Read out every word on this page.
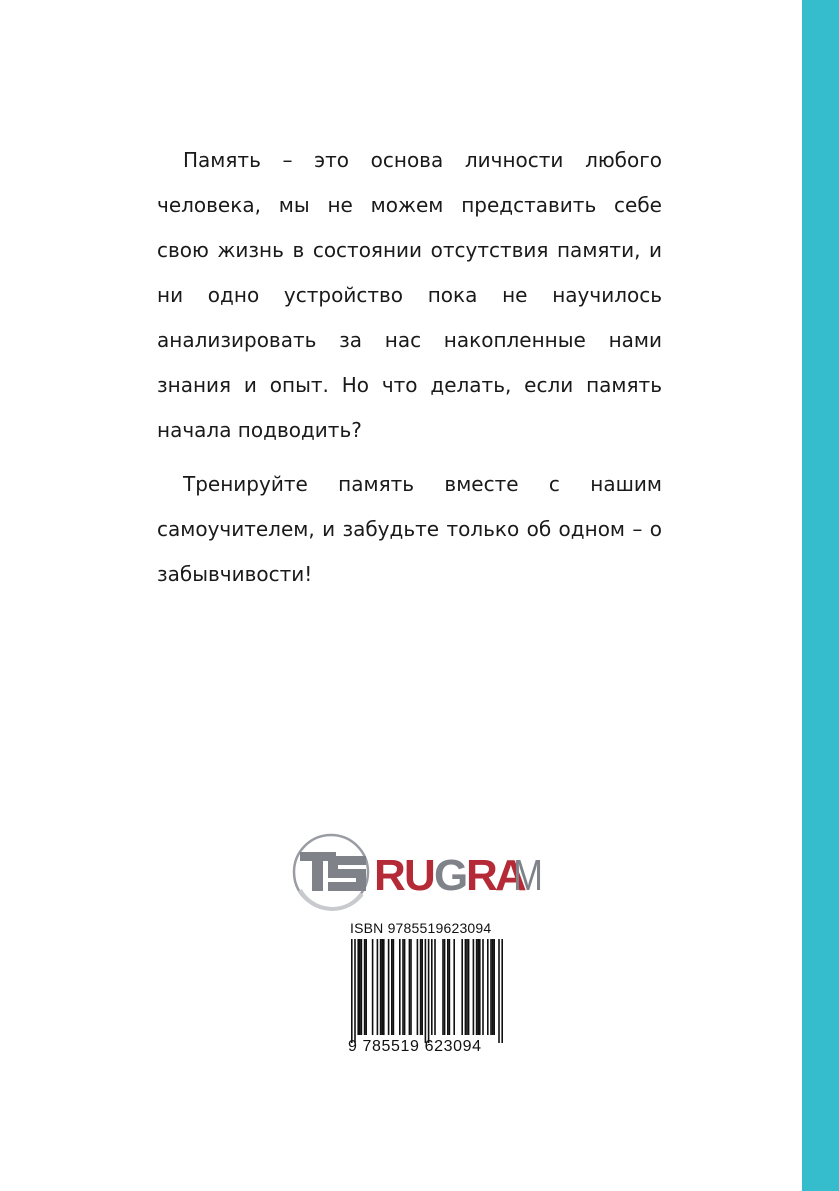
Память – это основа личности любого человека, мы не можем представить себе свою жизнь в состоянии отсутствия памяти, и ни одно устройство пока не научилось анализировать за нас накопленные нами знания и опыт. Но что делать, если память начала подводить?

Тренируйте память вместе с нашим самоучителем, и забудьте только об одном – о забывчивости!

R
U
G
R
A
M
ISBN 9785519623094
9 785519 623094
